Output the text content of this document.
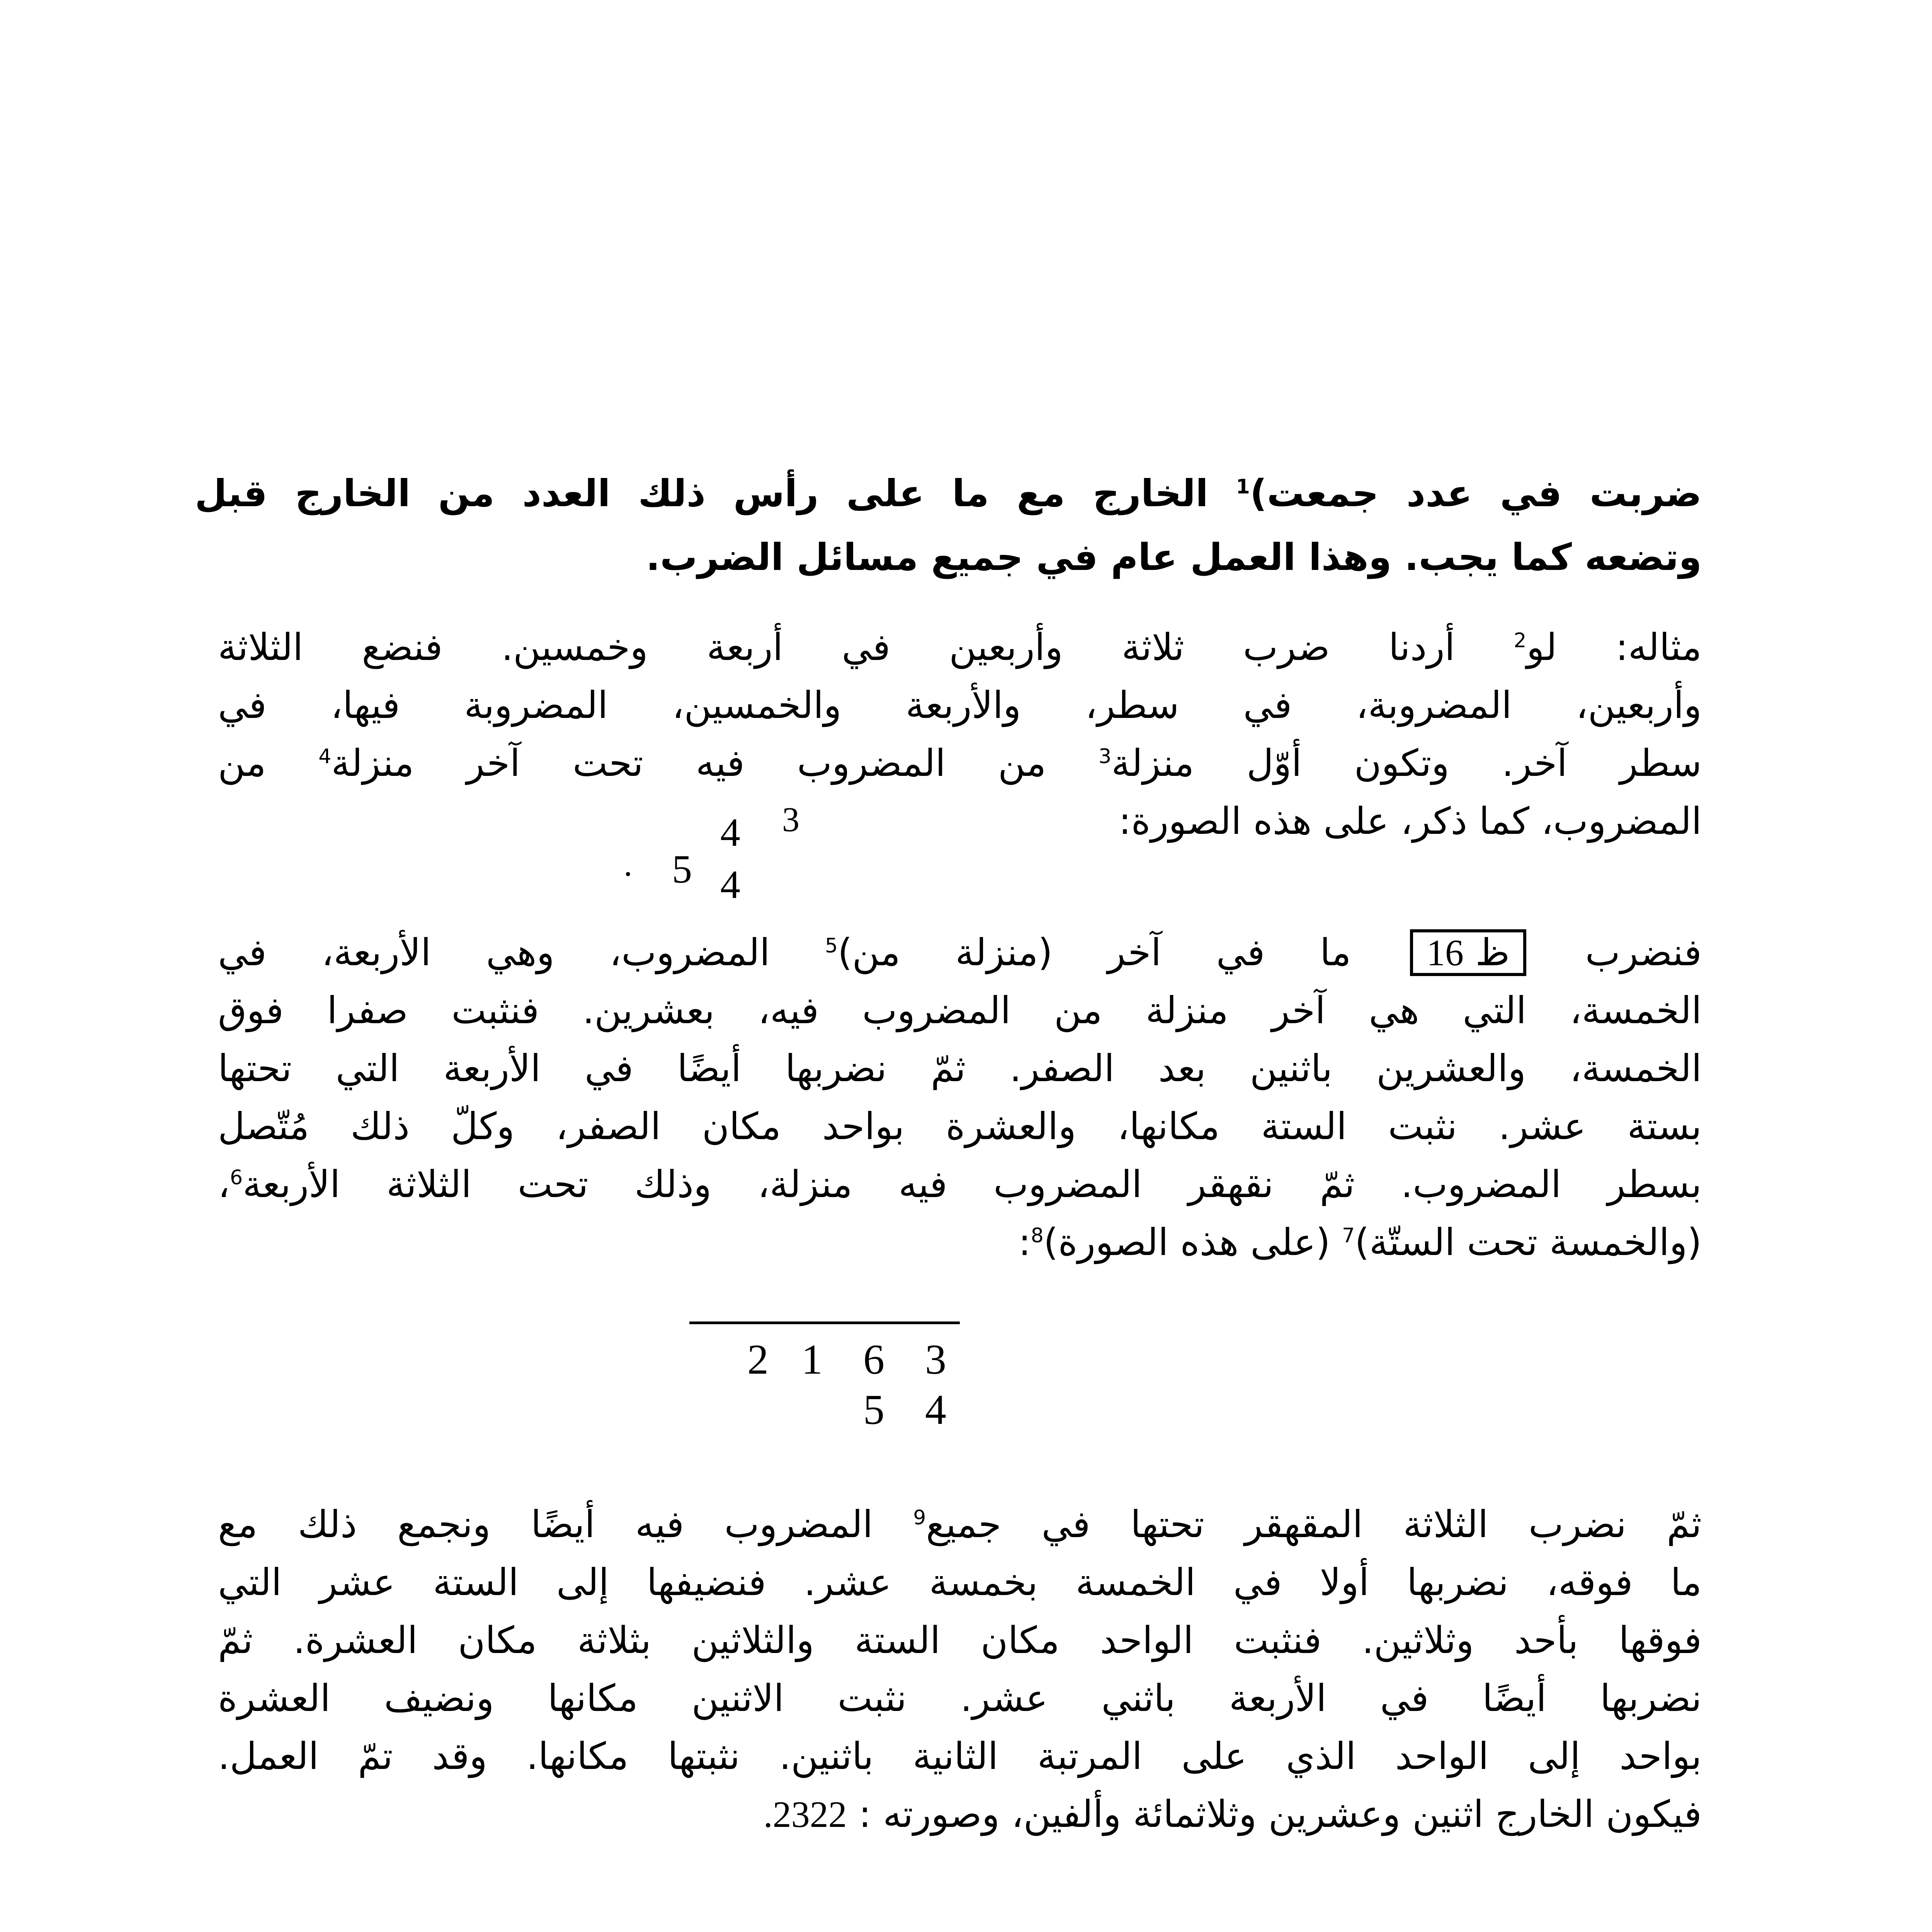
ضربت في عدد جمعت)$^1$ الخارج مع ما على رأس ذلك العدد من الخارج قبل
وتضعه كما يجب. وهذا العمل عام في جميع مسائل الضرب.
مثاله: لو$^2$ أردنا ضرب ثلاثة وأربعين في أربعة وخمسين. فنضع الثلاثة
وأربعين، المضروبة، في سطر، والأربعة والخمسين، المضروبة فيها، في
سطر آخر. وتكون أوّل منزلة$^3$ من المضروب فيه تحت آخر منزلة$^4$ من
المضروب، كما ذكر، على هذه الصورة:
4 3
. 5 4
فنضرب ظ 16 ما في آخر (منزلة من)$^5$ المضروب، وهي الأربعة، في
الخمسة، التي هي آخر منزلة من المضروب فيه، بعشرين. فنثبت صفرا فوق
الخمسة، والعشرين باثنين بعد الصفر. ثمّ نضربها أيضًا في الأربعة التي تحتها
بستة عشر. نثبت الستة مكانها، والعشرة بواحد مكان الصفر، وكلّ ذلك مُتّصل
بسطر المضروب. ثمّ نقهقر المضروب فيه منزلة، وذلك تحت الثلاثة الأربعة$^6$،
(والخمسة تحت الستّة)$^7$ (على هذه الصورة)$^8$:
2 1 6 3
5 4
ثمّ نضرب الثلاثة المقهقر تحتها في جميع$^9$ المضروب فيه أيضًا ونجمع ذلك مع
ما فوقه، نضربها أولا في الخمسة بخمسة عشر. فنضيفها إلى الستة عشر التي
فوقها بأحد وثلاثين. فنثبت الواحد مكان الستة والثلاثين بثلاثة مكان العشرة. ثمّ
نضربها أيضًا في الأربعة باثني عشر. نثبت الاثنين مكانها ونضيف العشرة
بواحد إلى الواحد الذي على المرتبة الثانية باثنين. نثبتها مكانها. وقد تمّ العمل.
فيكون الخارج اثنين وعشرين وثلاثمائة وألفين، وصورته : 2322.
